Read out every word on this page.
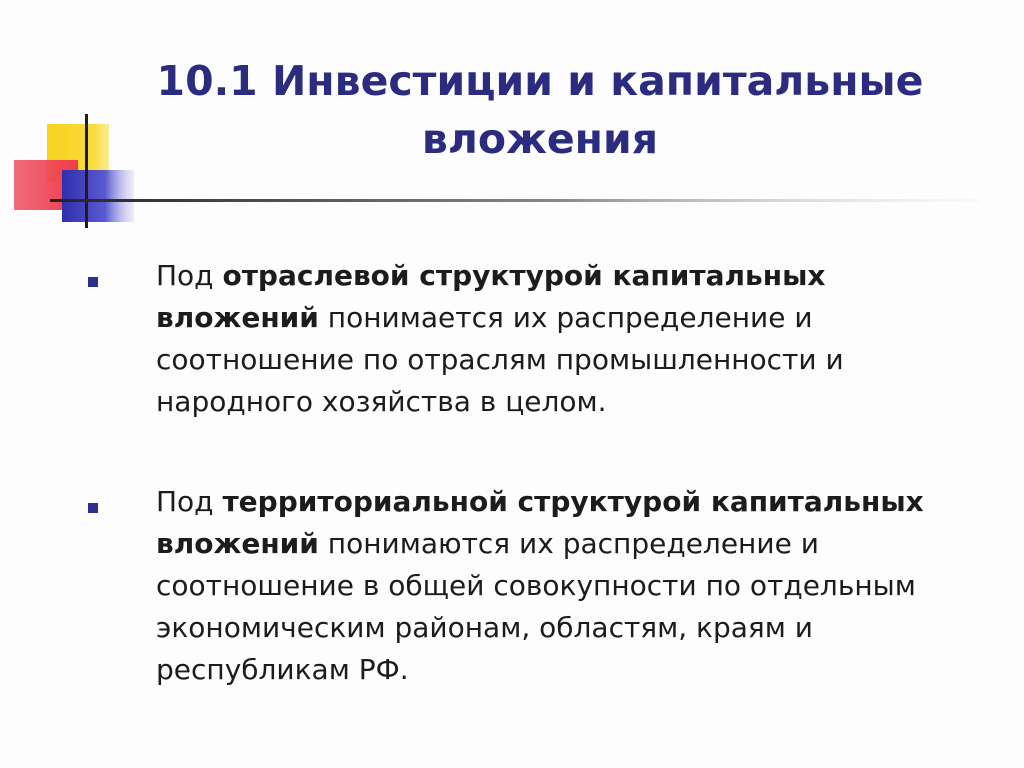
10.1 Инвестиции и капитальные вложения
Под отраслевой структурой капитальных вложений понимается их распределение и соотношение по отраслям промышленности и народного хозяйства в целом.
Под территориальной структурой капитальных вложений понимаются их распределение и соотношение в общей совокупности по отдельным экономическим районам, областям, краям и республикам РФ.
